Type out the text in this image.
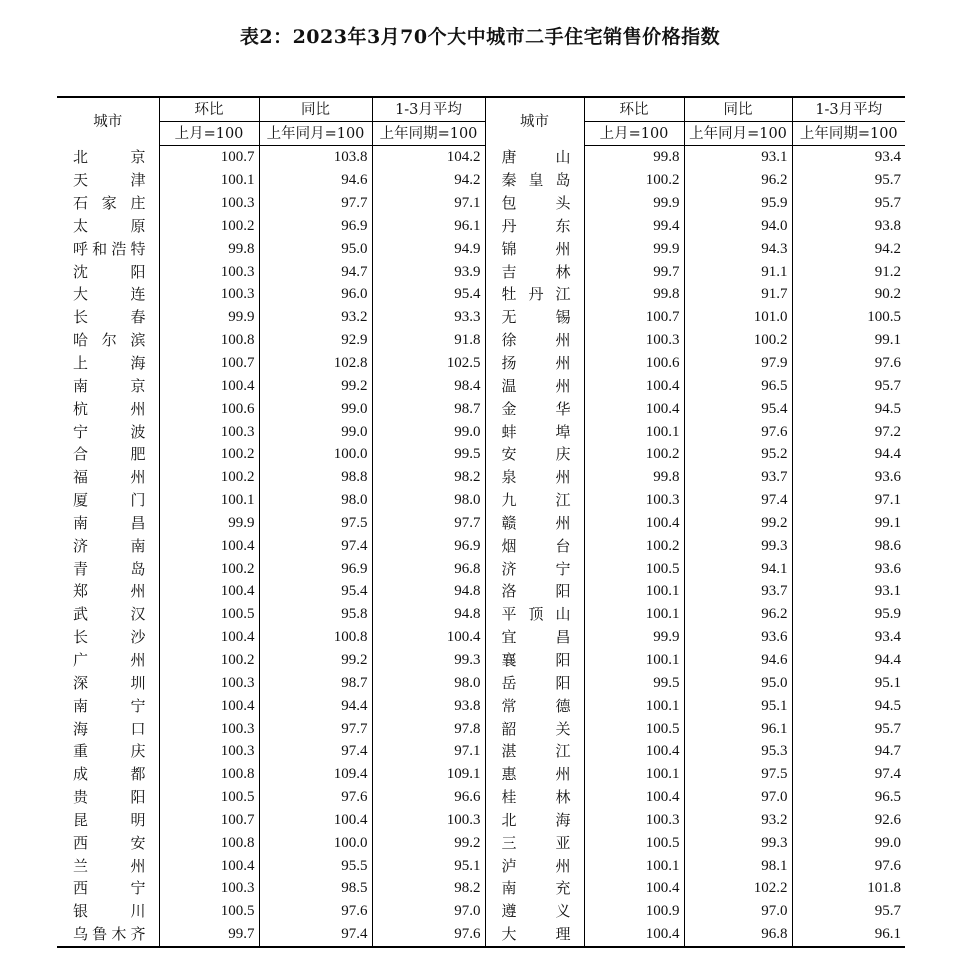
表2：2023年3月70个大中城市二手住宅销售价格指数
城市	环比	同比	1-3月平均	城市	环比	同比	1-3月平均
	上月=100	上年同月=100	上年同期=100		上月=100	上年同月=100	上年同期=100
北京	100.7	103.8	104.2	唐山	99.8	93.1	93.4
天津	100.1	94.6	94.2	秦皇岛	100.2	96.2	95.7
石家庄	100.3	97.7	97.1	包头	99.9	95.9	95.7
太原	100.2	96.9	96.1	丹东	99.4	94.0	93.8
呼和浩特	99.8	95.0	94.9	锦州	99.9	94.3	94.2
沈阳	100.3	94.7	93.9	吉林	99.7	91.1	91.2
大连	100.3	96.0	95.4	牡丹江	99.8	91.7	90.2
长春	99.9	93.2	93.3	无锡	100.7	101.0	100.5
哈尔滨	100.8	92.9	91.8	徐州	100.3	100.2	99.1
上海	100.7	102.8	102.5	扬州	100.6	97.9	97.6
南京	100.4	99.2	98.4	温州	100.4	96.5	95.7
杭州	100.6	99.0	98.7	金华	100.4	95.4	94.5
宁波	100.3	99.0	99.0	蚌埠	100.1	97.6	97.2
合肥	100.2	100.0	99.5	安庆	100.2	95.2	94.4
福州	100.2	98.8	98.2	泉州	99.8	93.7	93.6
厦门	100.1	98.0	98.0	九江	100.3	97.4	97.1
南昌	99.9	97.5	97.7	赣州	100.4	99.2	99.1
济南	100.4	97.4	96.9	烟台	100.2	99.3	98.6
青岛	100.2	96.9	96.8	济宁	100.5	94.1	93.6
郑州	100.4	95.4	94.8	洛阳	100.1	93.7	93.1
武汉	100.5	95.8	94.8	平顶山	100.1	96.2	95.9
长沙	100.4	100.8	100.4	宜昌	99.9	93.6	93.4
广州	100.2	99.2	99.3	襄阳	100.1	94.6	94.4
深圳	100.3	98.7	98.0	岳阳	99.5	95.0	95.1
南宁	100.4	94.4	93.8	常德	100.1	95.1	94.5
海口	100.3	97.7	97.8	韶关	100.5	96.1	95.7
重庆	100.3	97.4	97.1	湛江	100.4	95.3	94.7
成都	100.8	109.4	109.1	惠州	100.1	97.5	97.4
贵阳	100.5	97.6	96.6	桂林	100.4	97.0	96.5
昆明	100.7	100.4	100.3	北海	100.3	93.2	92.6
西安	100.8	100.0	99.2	三亚	100.5	99.3	99.0
兰州	100.4	95.5	95.1	泸州	100.1	98.1	97.6
西宁	100.3	98.5	98.2	南充	100.4	102.2	101.8
银川	100.5	97.6	97.0	遵义	100.9	97.0	95.7
乌鲁木齐	99.7	97.4	97.6	大理	100.4	96.8	96.1
